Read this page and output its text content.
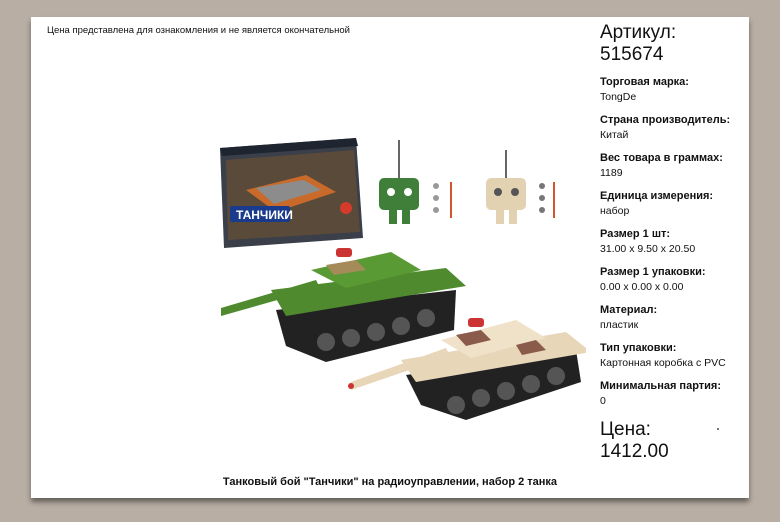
Цена представлена для ознакомления и не является окончательной
ТАНЧИКИ
Танковый бой "Танчики" на радиоуправлении, набор 2 танка
Артикул:
515674
Торговая марка:
TongDe
Страна производитель:
Китай
Вес товара в граммах:
1189
Единица измерения:
набор
Размер 1 шт:
31.00 x 9.50 x 20.50
Размер 1 упаковки:
0.00 x 0.00 x 0.00
Материал:
пластик
Тип упаковки:
Картонная коробка с PVC
Минимальная партия:
0
Цена:
1412.00
